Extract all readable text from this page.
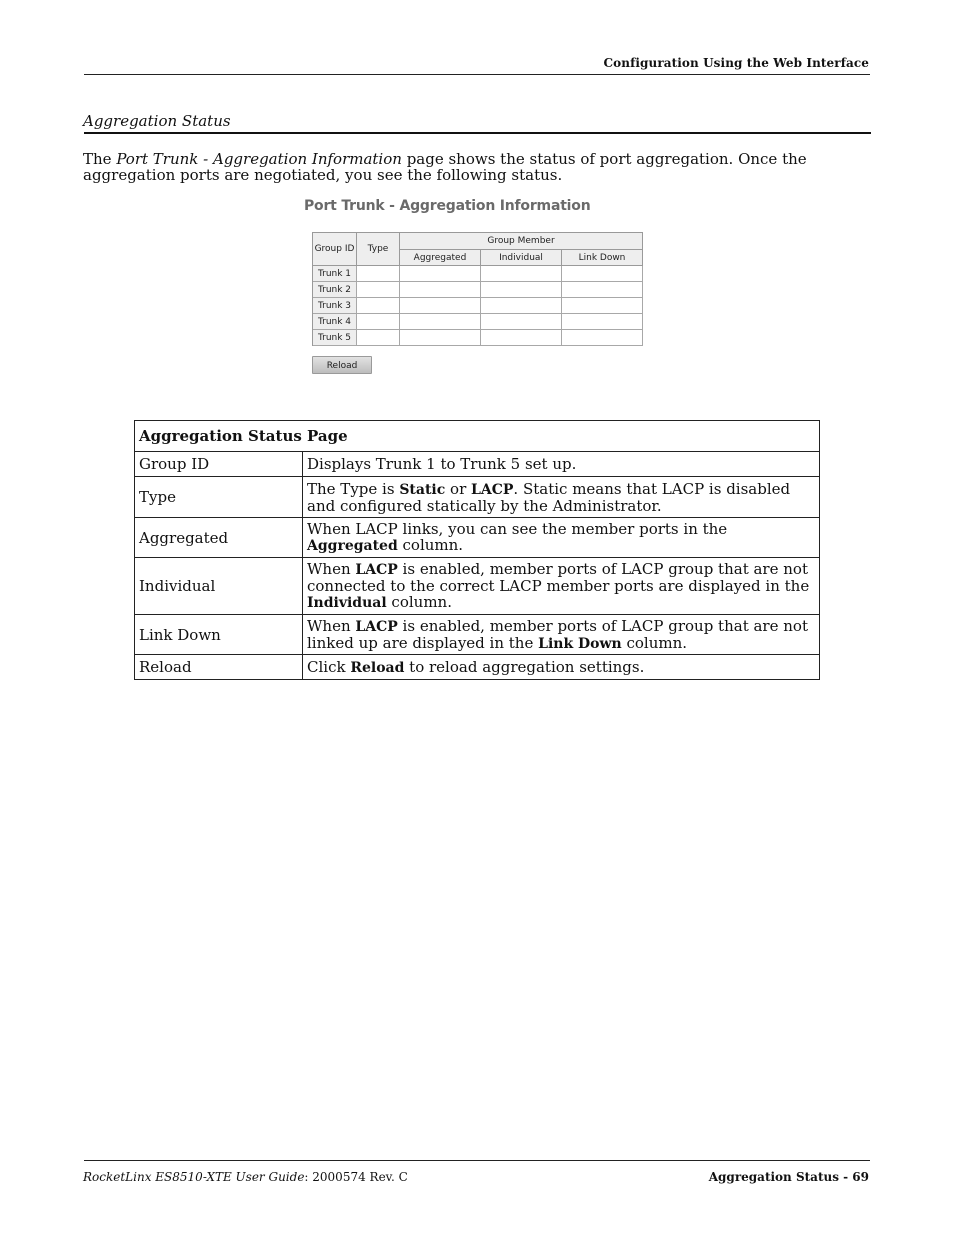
Configuration Using the Web Interface
Aggregation Status

The Port Trunk - Aggregation Information page shows the status of port aggregation. Once the aggregation ports are negotiated, you see the following status.

Port Trunk - Aggregation Information
Group ID	Type	Group Member		
		Aggregated	Individual	Link Down
Trunk 1				
Trunk 2				
Trunk 3				
Trunk 4				
Trunk 5				
Reload
Aggregation Status Page	
Group ID	Displays Trunk 1 to Trunk 5 set up.
Type	The Type is Static or LACP. Static means that LACP is disabled and configured statically by the Administrator.
Aggregated	When LACP links, you can see the member ports in the Aggregated column.
Individual	When LACP is enabled, member ports of LACP group that are not connected to the correct LACP member ports are displayed in the Individual column.
Link Down	When LACP is enabled, member ports of LACP group that are not linked up are displayed in the Link Down column.
Reload	Click Reload to reload aggregation settings.
RocketLinx ES8510-XTE User Guide: 2000574 Rev. C	Aggregation Status - 69
